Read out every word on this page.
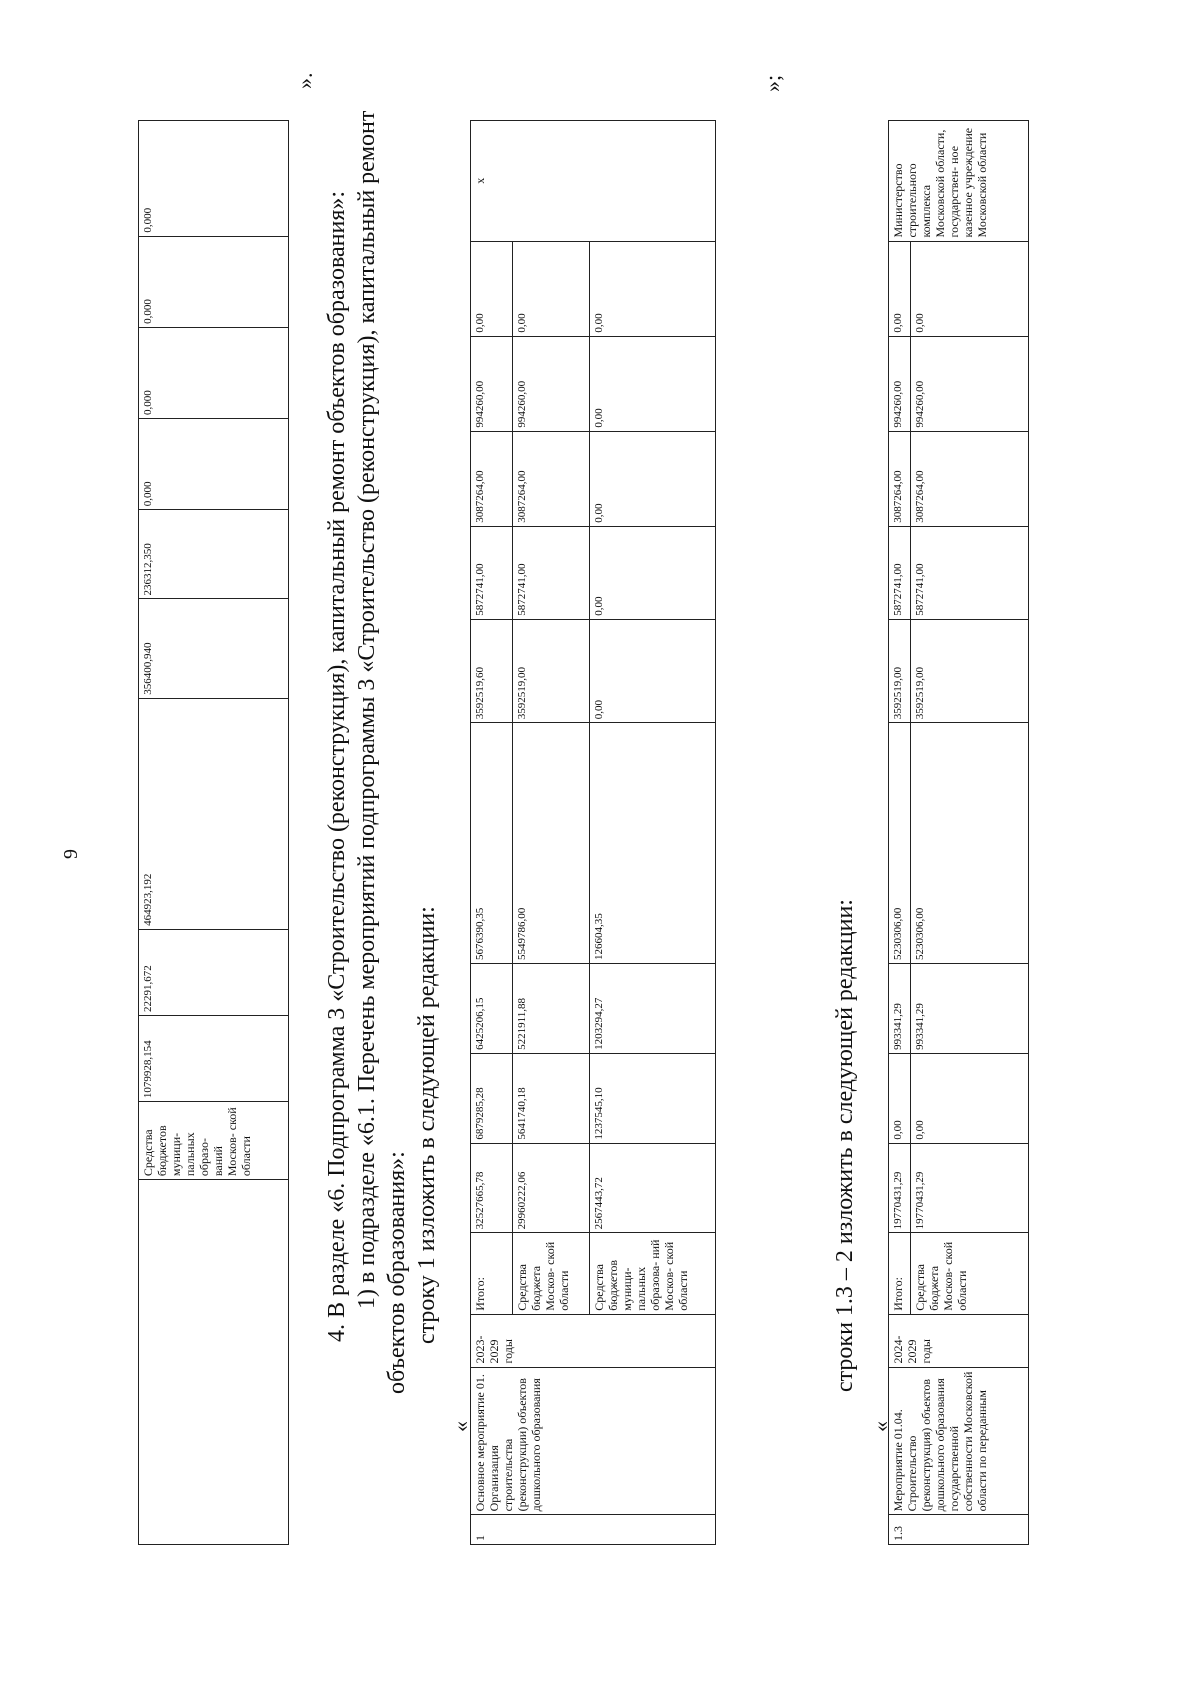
9
	Средства бюджетов муници- пальных образо- ваний Москов- ской области	1079928,154	22291,672	464923,192	356400,940	236312,350	0,000	0,000	0,000	0,000
».
4. В разделе «6. Подпрограмма 3 «Строительство (реконструкция), капитальный ремонт объектов образования»: 1) в подразделе «6.1. Перечень мероприятий подпрограммы 3 «Строительство (реконструкция), капитальный ремонт объектов образования»: строку 1 изложить в следующей редакции:
«
1	Основное мероприятие 01. Организация строительства (реконструкции) объектов дошкольного образования	2023- 2029 годы	Итого:	32527665,78	6879285,28	6425206,15	5676390,35	3592519,60	5872741,00	3087264,00	994260,00	0,00	x
			Средства бюджета Москов- ской области	29960222,06	5641740,18	5221911,88	5549786,00	3592519,00	5872741,00	3087264,00	994260,00	0,00	
			Средства бюджетов муници- пальных образова- ний Москов- ской области	2567443,72	1237545,10	1203294,27	126604,35	0,00	0,00	0,00	0,00	0,00	
»;
строки 1.3 – 2 изложить в следующей редакции:
«
1.3	Мероприятие 01.04. Строительство (реконструкция) объектов дошкольного образования государственной собственности Московской области по переданным	2024- 2029 годы	Итого:	19770431,29	0,00	993341,29	5230306,00	3592519,00	5872741,00	3087264,00	994260,00	0,00	Министерство строительного комплекса Московской области, государствен- ное казенное учреждение Московской области
			Средства бюджета Москов- ской области	19770431,29	0,00	993341,29	5230306,00	3592519,00	5872741,00	3087264,00	994260,00	0,00	
